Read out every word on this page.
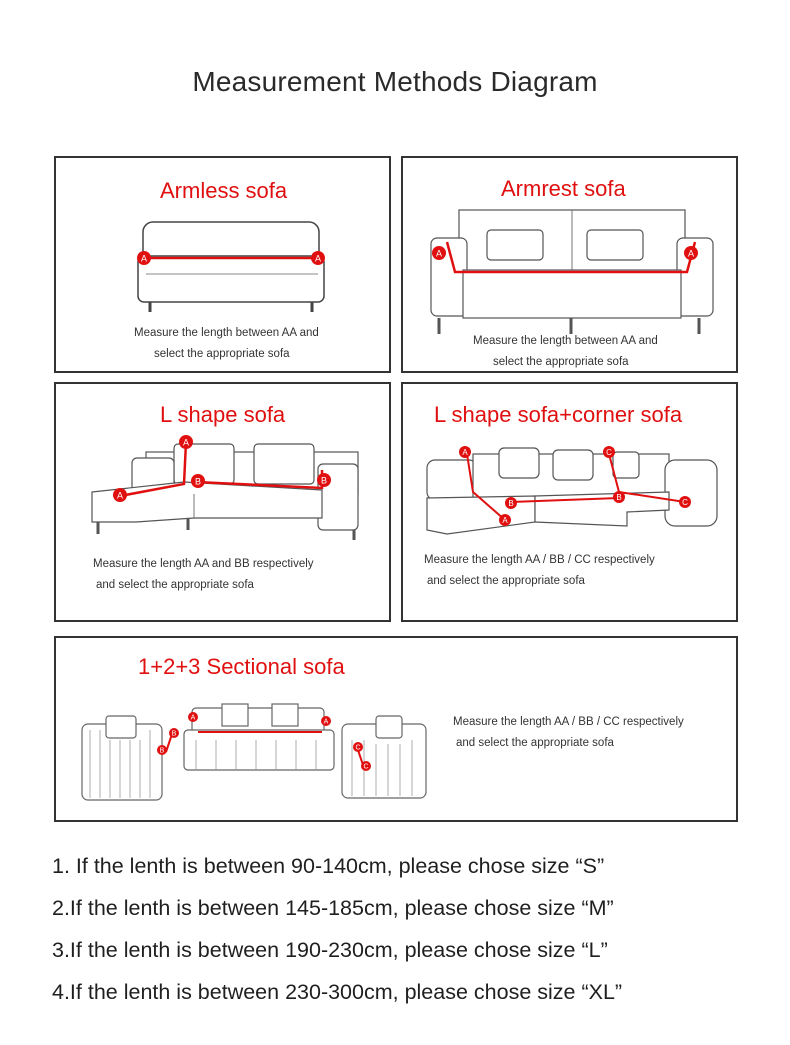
Measurement Methods Diagram
Armless sofa
A	A
Measure the length between AA and
select the appropriate sofa
Armrest sofa
A	A
Measure the length between AA and
select the appropriate sofa
L shape sofa
A
A
B	B
Measure the length AA and BB respectively
and select the appropriate sofa
L shape sofa+corner sofa
A
A
B
B
C
C
Measure the length AA / BB / CC respectively
and select the appropriate sofa
1+2+3 Sectional sofa
A
A
B
B	C
C
Measure the length AA / BB / CC respectively
and select the appropriate sofa
1. If the lenth is between 90-140cm, please chose size “S”
2.If the lenth is between 145-185cm, please chose size “M”
3.If the lenth is between 190-230cm, please chose size “L”
4.If the lenth is between 230-300cm, please chose size “XL”
